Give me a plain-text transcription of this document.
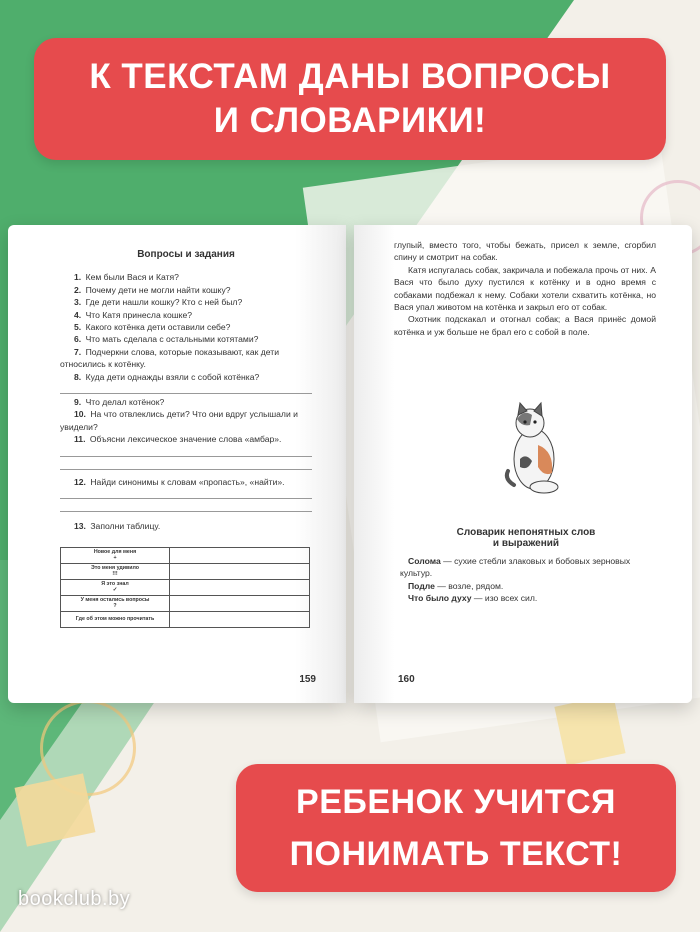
К ТЕКСТАМ ДАНЫ ВОПРОСЫ
И СЛОВАРИКИ!

Вопросы и задания

1. Кем были Вася и Катя?

2. Почему дети не могли найти кошку?

3. Где дети нашли кошку? Кто с ней был?

4. Что Катя принесла кошке?

5. Какого котёнка дети оставили себе?

6. Что мать сделала с остальными котятами?

7. Подчеркни слова, которые показывают, как дети относились к котёнку.

8. Куда дети однажды взяли с собой котёнка?

9. Что делал котёнок?

10. На что отвлеклись дети? Что они вдруг услышали и увидели?

11. Объясни лексическое значение слова «амбар».

12. Найди синонимы к словам «пропасть», «найти».

13. Заполни таблицу.

Новое для меня
+	

Это меня удивило
!!!	

Я это знал
✓	

У меня остались вопросы
?	

Где об этом можно прочитать	

159

глупый, вместо того, чтобы бежать, присел к земле, сгорбил спину и смотрит на собак.

Катя испугалась собак, закричала и побежала прочь от них. А Вася что было духу пустился к котёнку и в одно время с собаками подбежал к нему. Собаки хотели схватить котёнка, но Вася упал животом на котёнка и закрыл его от собак.

Охотник подскакал и отогнал собак; а Вася принёс домой котёнка и уж больше не брал его с собой в поле.

Словарик непонятных слов
и выражений

Солома — сухие стебли злаковых и бобовых зерновых культур.

Подле — возле, рядом.

Что было духу — изо всех сил.

160
РЕБЕНОК УЧИТСЯ
ПОНИМАТЬ ТЕКСТ!
bookclub.by
